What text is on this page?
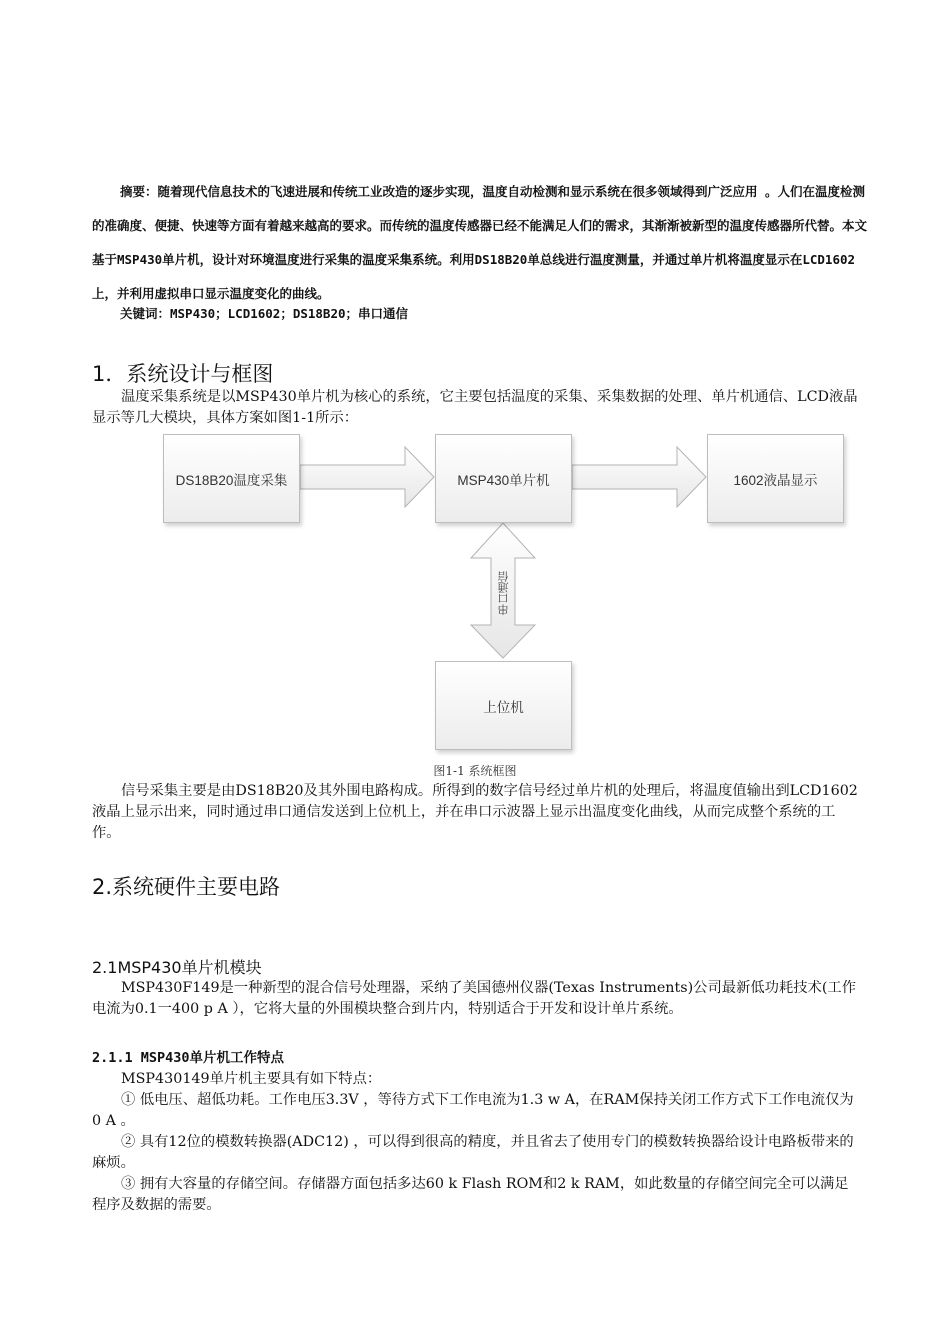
摘要：随着现代信息技术的飞速进展和传统工业改造的逐步实现，温度自动检测和显示系统在很多领域得到广泛应用 。人们在温度检测的准确度、便捷、快速等方面有着越来越高的要求。而传统的温度传感器已经不能满足人们的需求，其渐渐被新型的温度传感器所代替。本文基于MSP430单片机，设计对环境温度进行采集的温度采集系统。利用DS18B20单总线进行温度测量，并通过单片机将温度显示在LCD1602上，并利用虚拟串口显示温度变化的曲线。

关键词：MSP430；LCD1602；DS18B20；串口通信

1．系统设计与框图

温度采集系统是以MSP430单片机为核心的系统，它主要包括温度的采集、采集数据的处理、单片机通信、LCD液晶显示等几大模块，具体方案如图1-1所示：

DS18B20温度采集	MSP430单片机	1602液晶显示
上位机
串口通信

图1-1 系统框图

信号采集主要是由DS18B20及其外围电路构成。所得到的数字信号经过单片机的处理后，将温度值输出到LCD1602液晶上显示出来，同时通过串口通信发送到上位机上，并在串口示波器上显示出温度变化曲线，从而完成整个系统的工作。

2.系统硬件主要电路
2.1MSP430单片机模块

MSP430F149是一种新型的混合信号处理器，采纳了美国德州仪器(Texas Instruments)公司最新低功耗技术(工作电流为0.1一400 p A ），它将大量的外围模块整合到片内，特别适合于开发和设计单片系统。

2.1.1 MSP430单片机工作特点

MSP430149单片机主要具有如下特点：

① 低电压、超低功耗。工作电压3.3V ，等待方式下工作电流为1.3 w A，在RAM保持关闭工作方式下工作电流仅为0 A 。

② 具有12位的模数转换器(ADC12) ，可以得到很高的精度，并且省去了使用专门的模数转换器给设计电路板带来的麻烦。

③ 拥有大容量的存储空间。存储器方面包括多达60 k Flash ROM和2 k RAM，如此数量的存储空间完全可以满足程序及数据的需要。
